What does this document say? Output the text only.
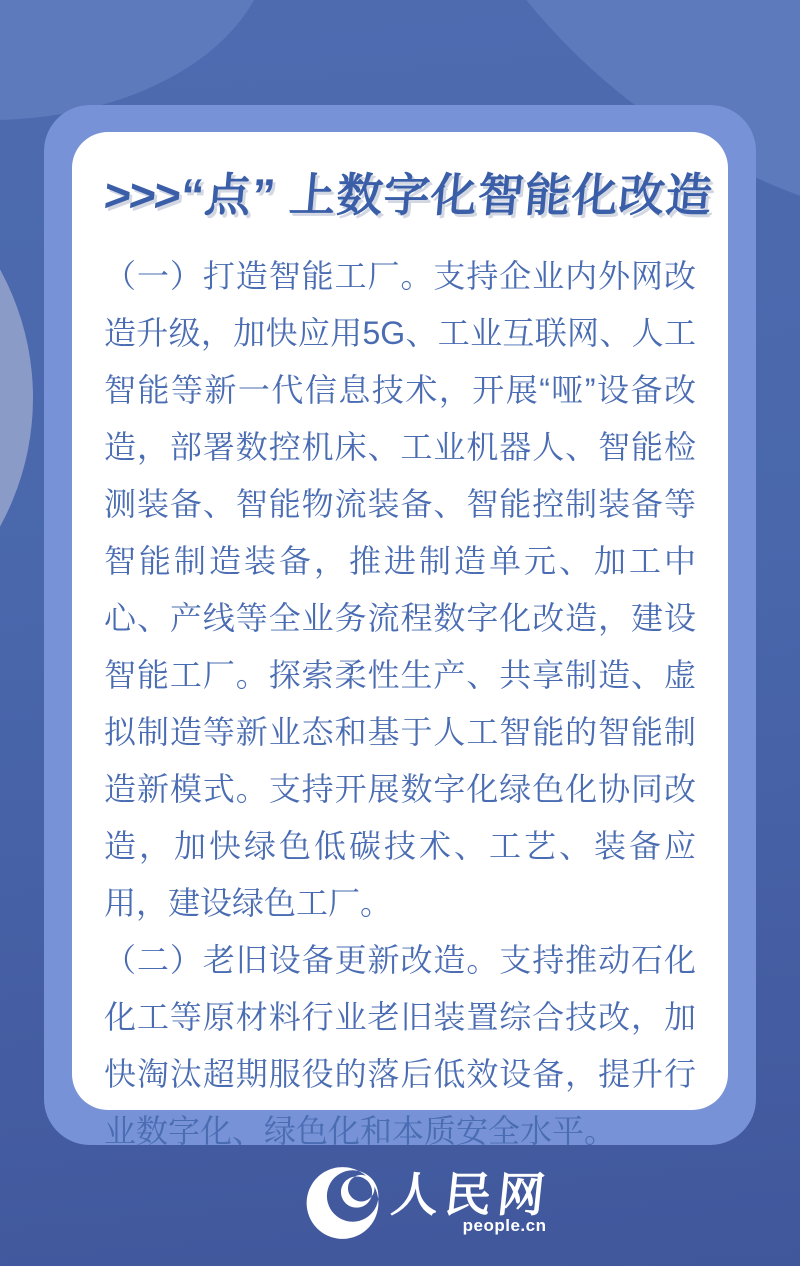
>>>“点” 上数字化智能化改造

（一）打造智能工厂。支持企业内外网改造升级，加快应用5G、工业互联网、人工智能等新一代信息技术，开展“哑”设备改造，部署数控机床、工业机器人、智能检测装备、智能物流装备、智能控制装备等智能制造装备，推进制造单元、加工中心、产线等全业务流程数字化改造，建设智能工厂。探索柔性生产、共享制造、虚拟制造等新业态和基于人工智能的智能制造新模式。支持开展数字化绿色化协同改造，加快绿色低碳技术、工艺、装备应用，建设绿色工厂。

（二）老旧设备更新改造。支持推动石化化工等原材料行业老旧装置综合技改，加快淘汰超期服役的落后低效设备，提升行业数字化、绿色化和本质安全水平。

人民网
people.cn
